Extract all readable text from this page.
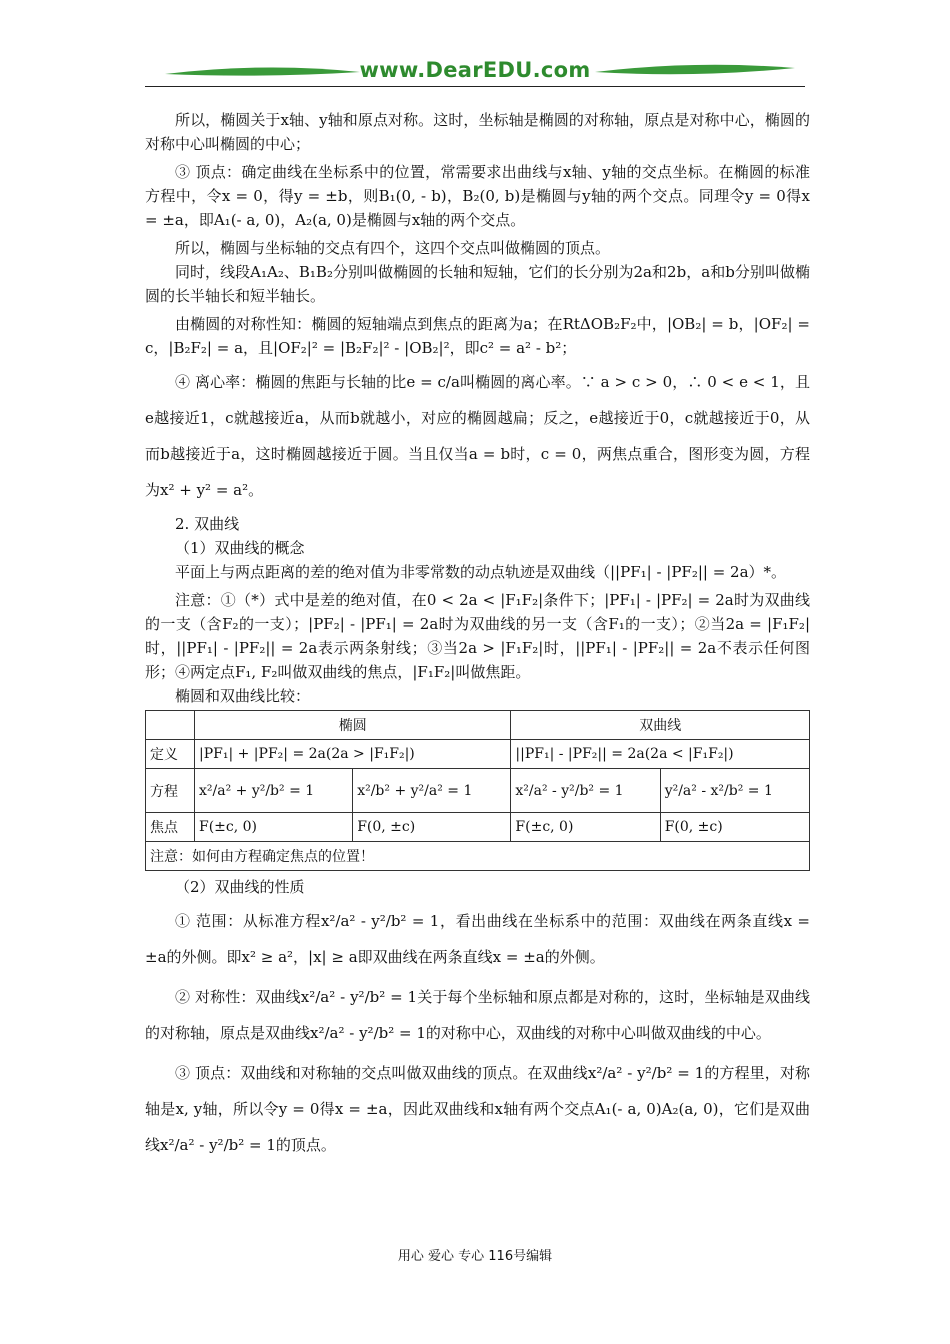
www.DearEDU.com

所以，椭圆关于x轴、y轴和原点对称。这时，坐标轴是椭圆的对称轴，原点是对称中心，椭圆的对称中心叫椭圆的中心；

③ 顶点：确定曲线在坐标系中的位置，常需要求出曲线与x轴、y轴的交点坐标。在椭圆的标准方程中，令x = 0，得y = ±b，则B₁(0, - b)，B₂(0, b)是椭圆与y轴的两个交点。同理令y = 0得x = ±a，即A₁(- a, 0)，A₂(a, 0)是椭圆与x轴的两个交点。

所以，椭圆与坐标轴的交点有四个，这四个交点叫做椭圆的顶点。

同时，线段A₁A₂、B₁B₂分别叫做椭圆的长轴和短轴，它们的长分别为2a和2b，a和b分别叫做椭圆的长半轴长和短半轴长。

由椭圆的对称性知：椭圆的短轴端点到焦点的距离为a；在RtΔOB₂F₂中，|OB₂| = b，|OF₂| = c，|B₂F₂| = a，且|OF₂|² = |B₂F₂|² - |OB₂|²，即c² = a² - b²；

④ 离心率：椭圆的焦距与长轴的比e = c/a叫椭圆的离心率。∵ a > c > 0，∴ 0 < e < 1，且e越接近1，c就越接近a，从而b就越小，对应的椭圆越扁；反之，e越接近于0，c就越接近于0，从而b越接近于a，这时椭圆越接近于圆。当且仅当a = b时，c = 0，两焦点重合，图形变为圆，方程为x² + y² = a²。

2. 双曲线

（1）双曲线的概念

平面上与两点距离的差的绝对值为非零常数的动点轨迹是双曲线（||PF₁| - |PF₂|| = 2a）*。

注意：①（*）式中是差的绝对值，在0 < 2a < |F₁F₂|条件下；|PF₁| - |PF₂| = 2a时为双曲线的一支（含F₂的一支）；|PF₂| - |PF₁| = 2a时为双曲线的另一支（含F₁的一支）；②当2a = |F₁F₂|时，||PF₁| - |PF₂|| = 2a表示两条射线；③当2a > |F₁F₂|时，||PF₁| - |PF₂|| = 2a不表示任何图形；④两定点F₁, F₂叫做双曲线的焦点，|F₁F₂|叫做焦距。

椭圆和双曲线比较：

	椭圆		双曲线	
定义	|PF₁| + |PF₂| = 2a(2a > |F₁F₂|)		||PF₁| - |PF₂|| = 2a(2a < |F₁F₂|)	
方程	x²/a² + y²/b² = 1	x²/b² + y²/a² = 1	x²/a² - y²/b² = 1	y²/a² - x²/b² = 1
焦点	F(±c, 0)	F(0, ±c)	F(±c, 0)	F(0, ±c)
注意：如何由方程确定焦点的位置！				

（2）双曲线的性质

① 范围：从标准方程x²/a² - y²/b² = 1，看出曲线在坐标系中的范围：双曲线在两条直线x = ±a的外侧。即x² ≥ a²，|x| ≥ a即双曲线在两条直线x = ±a的外侧。

② 对称性：双曲线x²/a² - y²/b² = 1关于每个坐标轴和原点都是对称的，这时，坐标轴是双曲线的对称轴，原点是双曲线x²/a² - y²/b² = 1的对称中心，双曲线的对称中心叫做双曲线的中心。

③ 顶点：双曲线和对称轴的交点叫做双曲线的顶点。在双曲线x²/a² - y²/b² = 1的方程里，对称轴是x, y轴，所以令y = 0得x = ±a，因此双曲线和x轴有两个交点A₁(- a, 0)A₂(a, 0)，它们是双曲线x²/a² - y²/b² = 1的顶点。

用心 爱心 专心 116号编辑
